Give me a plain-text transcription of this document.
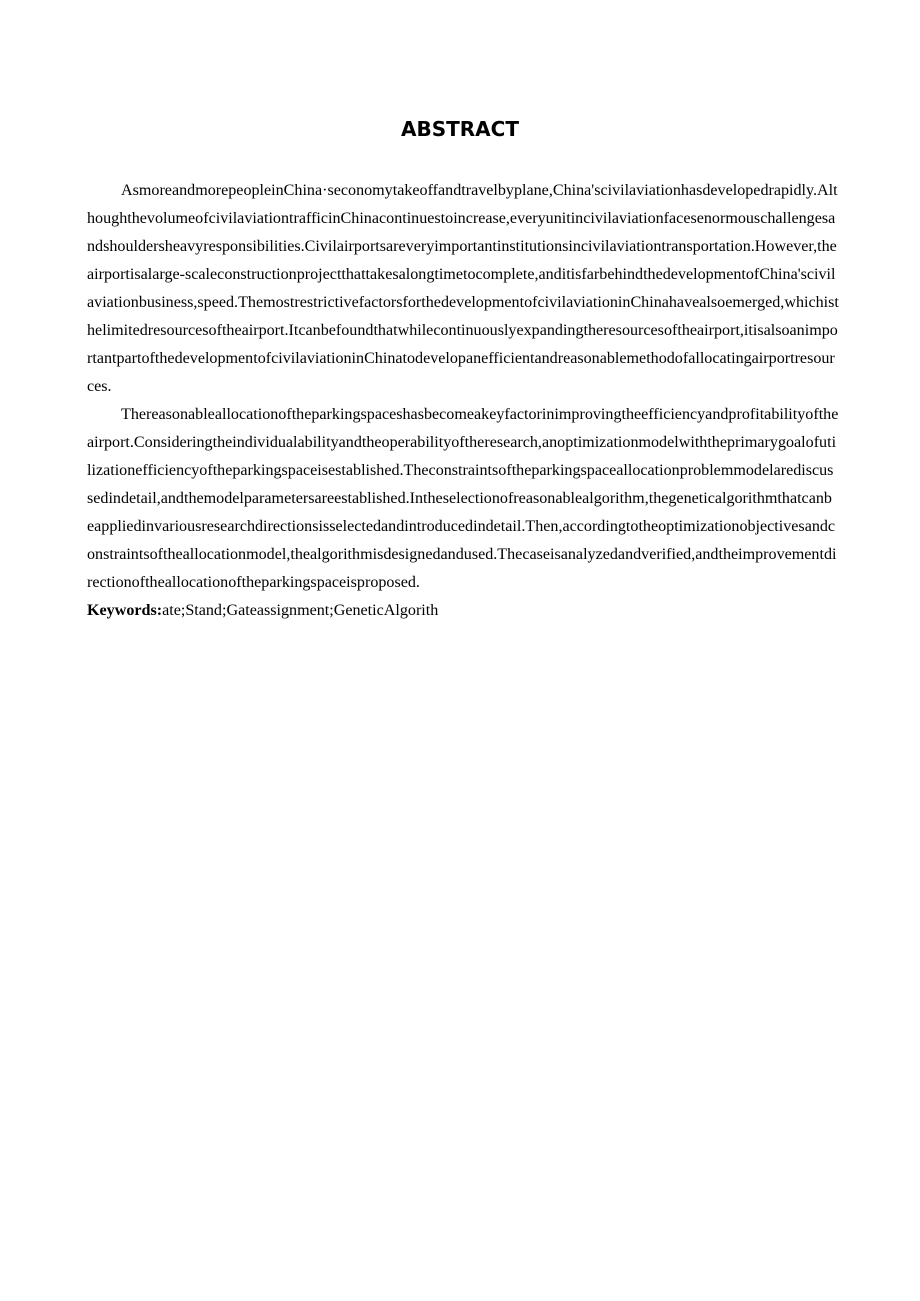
ABSTRACT

AsmoreandmorepeopleinChina·seconomytakeoffandtravelbyplane,China'scivilaviationhasdevelopedrapidly.AlthoughthevolumeofcivilaviationtrafficinChinacontinuestoincrease,everyunitincivilaviationfacesenormouschallengesandshouldersheavyresponsibilities.Civilairportsareveryimportantinstitutionsincivilaviationtransportation.However,theairportisalarge-scaleconstructionprojectthattakesalongtimetocomplete,anditisfarbehindthedevelopmentofChina'scivilaviationbusiness,speed.ThemostrestrictivefactorsforthedevelopmentofcivilaviationinChinahavealsoemerged,whichisthelimitedresourcesoftheairport.Itcanbefoundthatwhilecontinuouslyexpandingtheresourcesoftheairport,itisalsoanimportantpartofthedevelopmentofcivilaviationinChinatodevelopanefficientandreasonablemethodofallocatingairportresources.

Thereasonableallocationoftheparkingspaceshasbecomeakeyfactorinimprovingtheefficiencyandprofitabilityoftheairport.Consideringtheindividualabilityandtheoperabilityoftheresearch,anoptimizationmodelwiththeprimarygoalofutilizationefficiencyoftheparkingspaceisestablished.Theconstraintsoftheparkingspaceallocationproblemmodelarediscussedindetail,andthemodelparametersareestablished.Intheselectionofreasonablealgorithm,thegeneticalgorithmthatcanbeappliedinvariousresearchdirectionsisselectedandintroducedindetail.Then,accordingtotheoptimizationobjectivesandconstraintsoftheallocationmodel,thealgorithmisdesignedandused.Thecaseisanalyzedandverified,andtheimprovementdirectionoftheallocationoftheparkingspaceisproposed.

Keywords:ate;Stand;Gateassignment;GeneticAlgorith
